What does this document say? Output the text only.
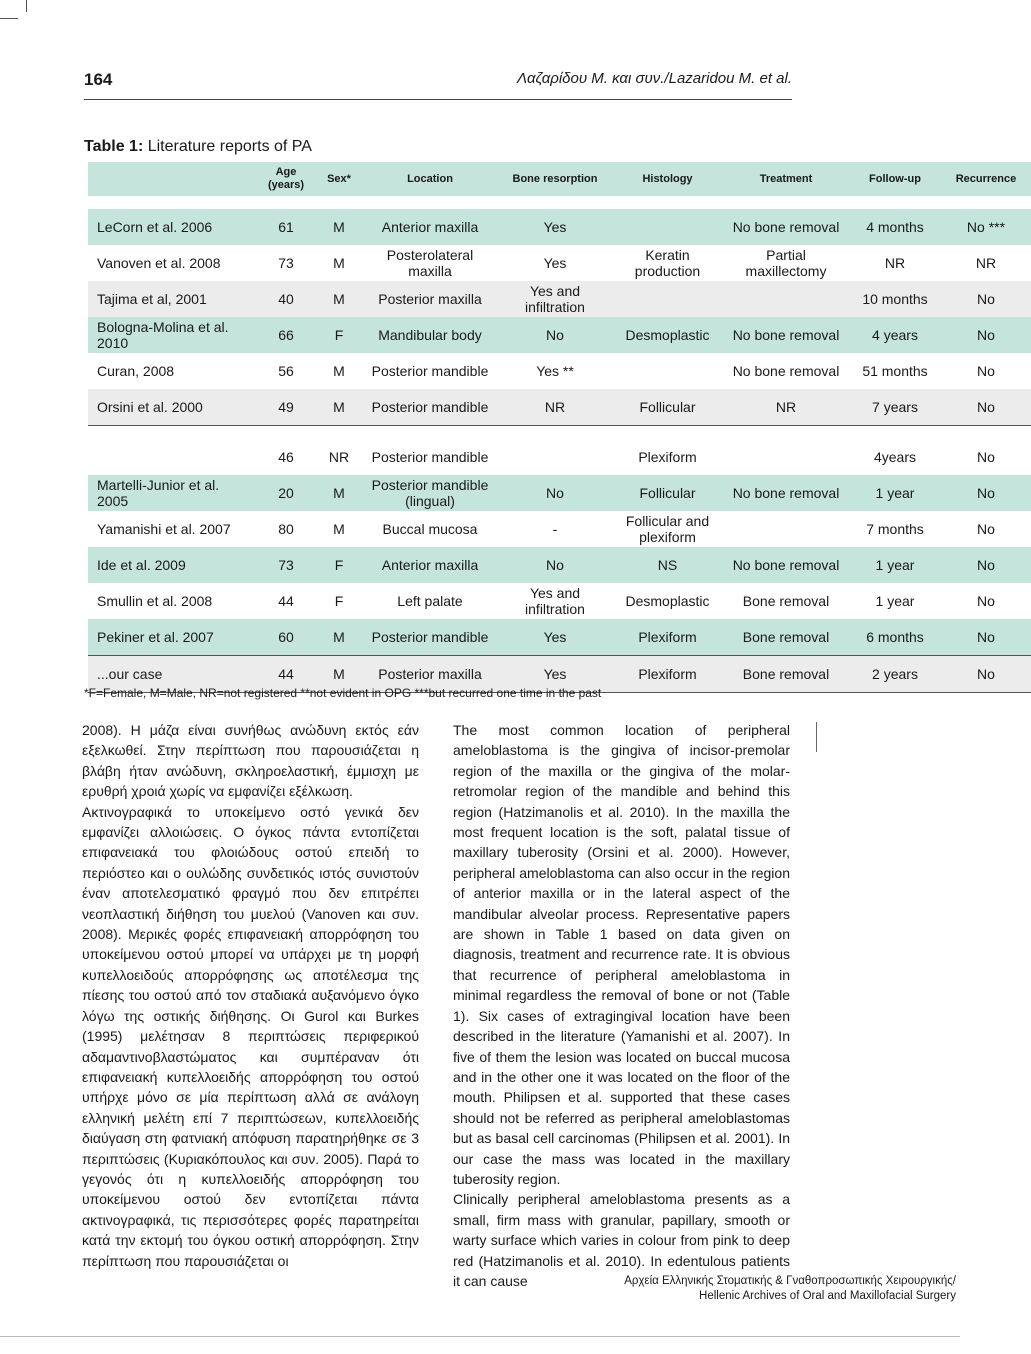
164	Λαζαρίδου Μ. και συν./Lazaridou M. et al.
Table 1: Literature reports of PA
	Age (years)	Sex*	Location	Bone resorption	Histology	Treatment	Follow-up	Recurrence

LeCorn et al. 2006	61	M	Anterior maxilla	Yes		No bone removal	4 months	No ***
Vanoven et al. 2008	73	M	Posterolateral maxilla	Yes	Keratin production	Partial maxillectomy	NR	NR
Tajima et al, 2001	40	M	Posterior maxilla	Yes and infiltration			10 months	No
Bologna-Molina et al. 2010	66	F	Mandibular body	No	Desmoplastic	No bone removal	4 years	No
Curan, 2008	56	M	Posterior mandible	Yes **		No bone removal	51 months	No
Orsini et al. 2000	49	M	Posterior mandible	NR	Follicular	NR	7 years	No

	46	NR	Posterior mandible		Plexiform		4years	No
Martelli-Junior et al. 2005	20	M	Posterior mandible (lingual)	No	Follicular	No bone removal	1 year	No
Yamanishi et al. 2007	80	M	Buccal mucosa	-	Follicular and plexiform		7 months	No
Ide et al. 2009	73	F	Anterior maxilla	No	NS	No bone removal	1 year	No
Smullin et al. 2008	44	F	Left palate	Yes and infiltration	Desmoplastic	Bone removal	1 year	No
Pekiner et al. 2007	60	M	Posterior mandible	Yes	Plexiform	Bone removal	6 months	No
...our case	44	M	Posterior maxilla	Yes	Plexiform	Bone removal	2 years	No
*F=Female, M=Male, NR=not registered **not evident in OPG ***but recurred one time in the past

2008). Η μάζα είναι συνήθως ανώδυνη εκτός εάν εξελκωθεί. Στην περίπτωση που παρουσιάζεται η βλάβη ήταν ανώδυνη, σκληροελαστική, έμμισχη με ερυθρή χροιά χωρίς να εμφανίζει εξέλκωση.

Ακτινογραφικά το υποκείμενο οστό γενικά δεν εμφανίζει αλλοιώσεις. Ο όγκος πάντα εντοπίζεται επιφανειακά του φλοιώδους οστού επειδή το περιόστεο και ο ουλώδης συνδετικός ιστός συνιστούν έναν αποτελεσματικό φραγμό που δεν επιτρέπει νεοπλαστική διήθηση του μυελού (Vanoven και συν. 2008). Μερικές φορές επιφανειακή απορρόφηση του υποκείμενου οστού μπορεί να υπάρχει με τη μορφή κυπελλοειδούς απορρόφησης ως αποτέλεσμα της πίεσης του οστού από τον σταδιακά αυξανόμενο όγκο λόγω της οστικής διήθησης. Οι Gurol και Burkes (1995) μελέτησαν 8 περιπτώσεις περιφερικού αδαμαντινοβλαστώματος και συμπέραναν ότι επιφανειακή κυπελλοειδής απορρόφηση του οστού υπήρχε μόνο σε μία περίπτωση αλλά σε ανάλογη ελληνική μελέτη επί 7 περιπτώσεων, κυπελλοειδής διαύγαση στη φατνιακή απόφυση παρατηρήθηκε σε 3 περιπτώσεις (Κυριακόπουλος και συν. 2005). Παρά το γεγονός ότι η κυπελλοειδής απορρόφηση του υποκείμενου οστού δεν εντοπίζεται πάντα ακτινογραφικά, τις περισσότερες φορές παρατηρείται κατά την εκτομή του όγκου οστική απορρόφηση. Στην περίπτωση που παρουσιάζεται οι

The most common location of peripheral ameloblastoma is the gingiva of incisor-premolar region of the maxilla or the gingiva of the molar-retromolar region of the mandible and behind this region (Hatzimanolis et al. 2010). In the maxilla the most frequent location is the soft, palatal tissue of maxillary tuberosity (Orsini et al. 2000). However, peripheral ameloblastoma can also occur in the region of anterior maxilla or in the lateral aspect of the mandibular alveolar process. Representative papers are shown in Table 1 based on data given on diagnosis, treatment and recurrence rate. It is obvious that recurrence of peripheral ameloblastoma in minimal regardless the removal of bone or not (Table 1). Six cases of extragingival location have been described in the literature (Yamanishi et al. 2007). In five of them the lesion was located on buccal mucosa and in the other one it was located on the floor of the mouth. Philipsen et al. supported that these cases should not be referred as peripheral ameloblastomas but as basal cell carcinomas (Philipsen et al. 2001). In our case the mass was located in the maxillary tuberosity region.

Clinically peripheral ameloblastoma presents as a small, firm mass with granular, papillary, smooth or warty surface which varies in colour from pink to deep red (Hatzimanolis et al. 2010). In edentulous patients it can cause	Αρχεία Ελληνικής Στοματικής & Γναθοπροσωπικής Χειρουργικής/
Hellenic Archives of Oral and Maxillofacial Surgery
